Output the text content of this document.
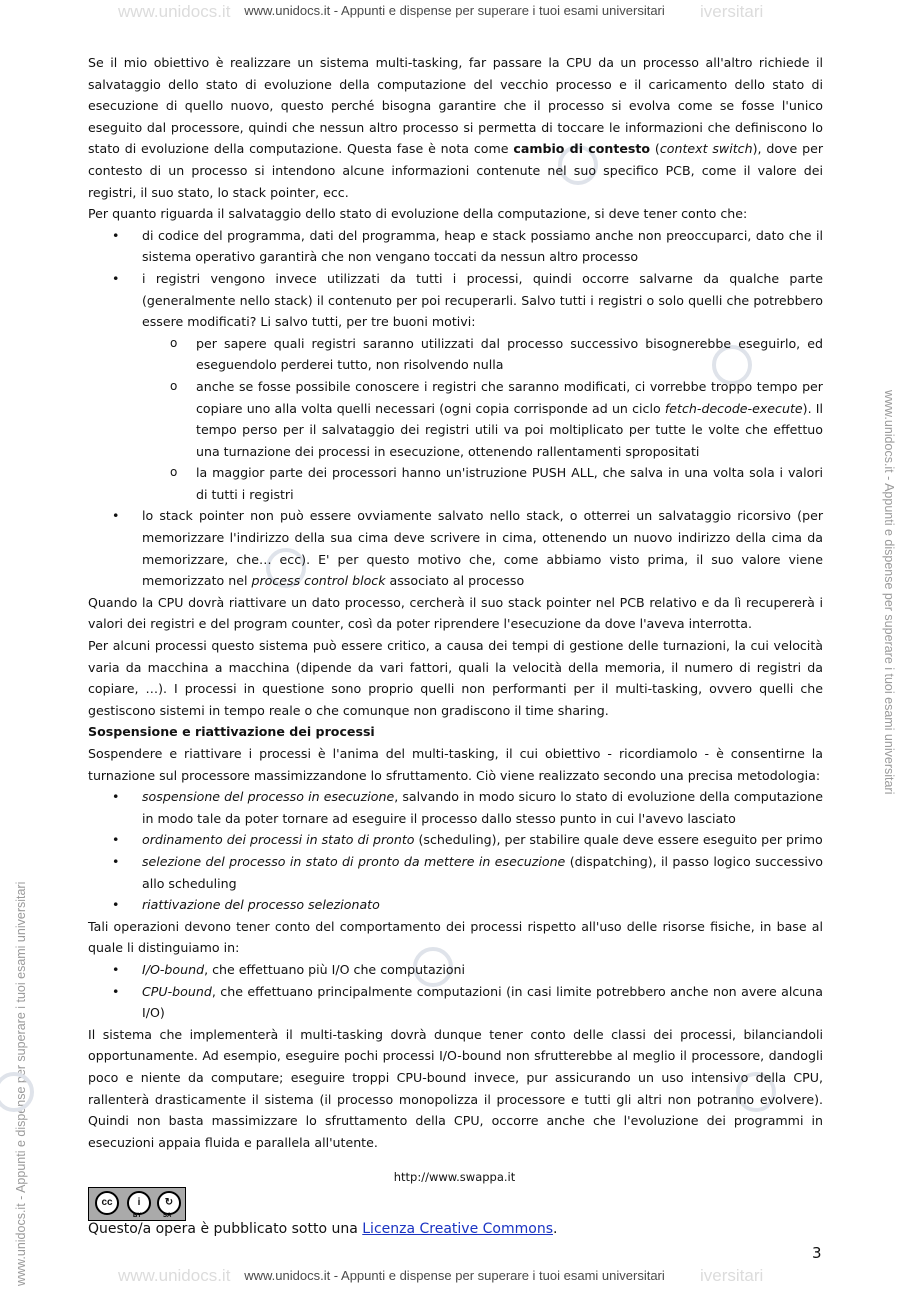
www.unidocs.it	iversitari
www.unidocs.it - Appunti e dispense per superare i tuoi esami universitari
www.unidocs.it	iversitari
www.unidocs.it - Appunti e dispense per superare i tuoi esami universitari
www.unidocs.it - Appunti e dispense per superare i tuoi esami universitari
www.unidocs.it - Appunti e dispense per superare i tuoi esami universitari

Se il mio obiettivo è realizzare un sistema multi-tasking, far passare la CPU da un processo all'altro richiede il salvataggio dello stato di evoluzione della computazione del vecchio processo e il caricamento dello stato di esecuzione di quello nuovo, questo perché bisogna garantire che il processo si evolva come se fosse l'unico eseguito dal processore, quindi che nessun altro processo si permetta di toccare le informazioni che definiscono lo stato di evoluzione della computazione. Questa fase è nota come cambio di contesto (context switch), dove per contesto di un processo si intendono alcune informazioni contenute nel suo specifico PCB, come il valore dei registri, il suo stato, lo stack pointer, ecc.

Per quanto riguarda il salvataggio dello stato di evoluzione della computazione, si deve tener conto che:

• di codice del programma, dati del programma, heap e stack possiamo anche non preoccuparci, dato che il sistema operativo garantirà che non vengano toccati da nessun altro processo
• i registri vengono invece utilizzati da tutti i processi, quindi occorre salvarne da qualche parte (generalmente nello stack) il contenuto per poi recuperarli. Salvo tutti i registri o solo quelli che potrebbero essere modificati? Li salvo tutti, per tre buoni motivi:
o per sapere quali registri saranno utilizzati dal processo successivo bisognerebbe eseguirlo, ed eseguendolo perderei tutto, non risolvendo nulla
o anche se fosse possibile conoscere i registri che saranno modificati, ci vorrebbe troppo tempo per copiare uno alla volta quelli necessari (ogni copia corrisponde ad un ciclo fetch-decode-execute). Il tempo perso per il salvataggio dei registri utili va poi moltiplicato per tutte le volte che effettuo una turnazione dei processi in esecuzione, ottenendo rallentamenti spropositati
o la maggior parte dei processori hanno un'istruzione PUSH ALL, che salva in una volta sola i valori di tutti i registri
• lo stack pointer non può essere ovviamente salvato nello stack, o otterrei un salvataggio ricorsivo (per memorizzare l'indirizzo della sua cima deve scrivere in cima, ottenendo un nuovo indirizzo della cima da memorizzare, che… ecc). E' per questo motivo che, come abbiamo visto prima, il suo valore viene memorizzato nel process control block associato al processo

Quando la CPU dovrà riattivare un dato processo, cercherà il suo stack pointer nel PCB relativo e da lì recupererà i valori dei registri e del program counter, così da poter riprendere l'esecuzione da dove l'aveva interrotta.

Per alcuni processi questo sistema può essere critico, a causa dei tempi di gestione delle turnazioni, la cui velocità varia da macchina a macchina (dipende da vari fattori, quali la velocità della memoria, il numero di registri da copiare, …). I processi in questione sono proprio quelli non performanti per il multi-tasking, ovvero quelli che gestiscono sistemi in tempo reale o che comunque non gradiscono il time sharing.

Sospensione e riattivazione dei processi

Sospendere e riattivare i processi è l'anima del multi-tasking, il cui obiettivo - ricordiamolo - è consentirne la turnazione sul processore massimizzandone lo sfruttamento. Ciò viene realizzato secondo una precisa metodologia:

• sospensione del processo in esecuzione, salvando in modo sicuro lo stato di evoluzione della computazione in modo tale da poter tornare ad eseguire il processo dallo stesso punto in cui l'avevo lasciato
• ordinamento dei processi in stato di pronto (scheduling), per stabilire quale deve essere eseguito per primo
• selezione del processo in stato di pronto da mettere in esecuzione (dispatching), il passo logico successivo allo scheduling
• riattivazione del processo selezionato

Tali operazioni devono tener conto del comportamento dei processi rispetto all'uso delle risorse fisiche, in base al quale li distinguiamo in:

• I/O-bound, che effettuano più I/O che computazioni
• CPU-bound, che effettuano principalmente computazioni (in casi limite potrebbero anche non avere alcuna I/O)

Il sistema che implementerà il multi-tasking dovrà dunque tener conto delle classi dei processi, bilanciandoli opportunamente. Ad esempio, eseguire pochi processi I/O-bound non sfrutterebbe al meglio il processore, dandogli poco e niente da computare; eseguire troppi CPU-bound invece, pur assicurando un uso intensivo della CPU, rallenterà drasticamente il sistema (il processo monopolizza il processore e tutti gli altri non potranno evolvere). Quindi non basta massimizzare lo sfruttamento della CPU, occorre anche che l'evoluzione dei programmi in esecuzioni appaia fluida e parallela all'utente.

http://www.swappa.it
cc	i	↻
BY	SA
Questo/a opera è pubblicato sotto una Licenza Creative Commons.
3
